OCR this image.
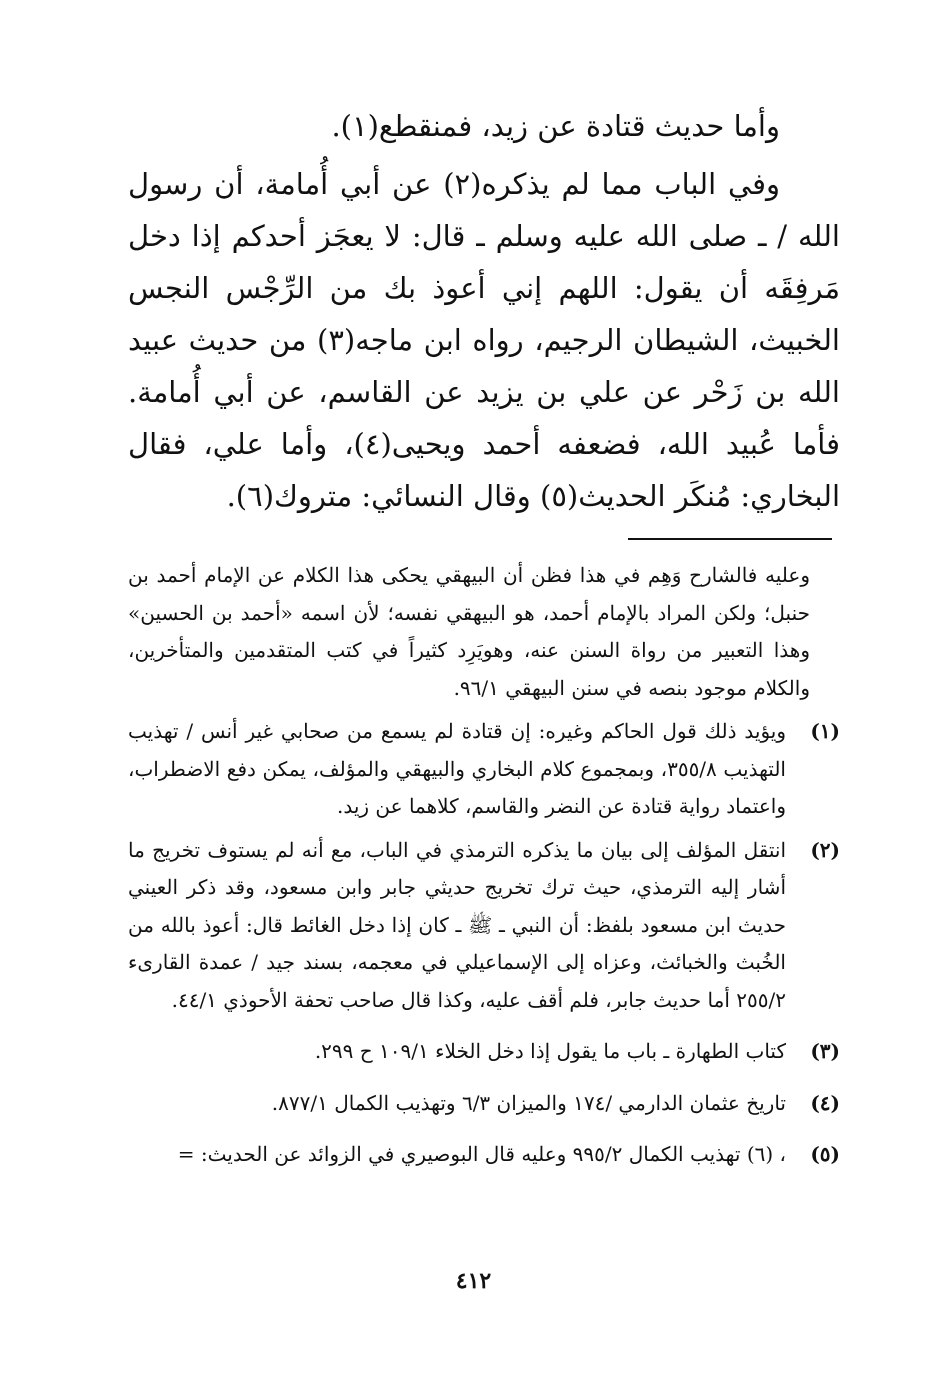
وأما حديث قتادة عن زيد، فمنقطع(١).

وفي الباب مما لم يذكره(٢) عن أبي أُمامة، أن رسول الله / ـ صلى الله عليه وسلم ـ قال: لا يعجَز أحدكم إذا دخل مَرفِقَه أن يقول: اللهم إني أعوذ بك من الرِّجْس النجس الخبيث، الشيطان الرجيم، رواه ابن ماجه(٣) من حديث عبيد الله بن زَحْر عن علي بن يزيد عن القاسم، عن أبي أُمامة. فأما عُبيد الله، فضعفه أحمد ويحيى(٤)، وأما علي، فقال البخاري: مُنكَر الحديث(٥) وقال النسائي: متروك(٦).

وعليه فالشارح وَهِم في هذا فظن أن البيهقي يحكى هذا الكلام عن الإمام أحمد بن حنبل؛ ولكن المراد بالإمام أحمد، هو البيهقي نفسه؛ لأن اسمه «أحمد بن الحسين» وهذا التعبير من رواة السنن عنه، وهويَرِد كثيراً في كتب المتقدمين والمتأخرين، والكلام موجود بنصه في سنن البيهقي ٩٦/١.

(١)

ويؤيد ذلك قول الحاكم وغيره: إن قتادة لم يسمع من صحابي غير أنس / تهذيب التهذيب ٣٥٥/٨، وبمجموع كلام البخاري والبيهقي والمؤلف، يمكن دفع الاضطراب، واعتماد رواية قتادة عن النضر والقاسم، كلاهما عن زيد.

(٢)

انتقل المؤلف إلى بيان ما يذكره الترمذي في الباب، مع أنه لم يستوف تخريج ما أشار إليه الترمذي، حيث ترك تخريج حديثي جابر وابن مسعود، وقد ذكر العيني حديث ابن مسعود بلفظ: أن النبي ـ ﷺ ـ كان إذا دخل الغائط قال: أعوذ بالله من الخُبث والخبائث، وعزاه إلى الإسماعيلي في معجمه، بسند جيد / عمدة القارىء ٢٥٥/٢ أما حديث جابر، فلم أقف عليه، وكذا قال صاحب تحفة الأحوذي ٤٤/١.

(٣)

كتاب الطهارة ـ باب ما يقول إذا دخل الخلاء ١٠٩/١ ح ٢٩٩.

(٤)

تاريخ عثمان الدارمي /١٧٤ والميزان ٦/٣ وتهذيب الكمال ٨٧٧/١.

(٥)

، (٦) تهذيب الكمال ٩٩٥/٢ وعليه قال البوصيري في الزوائد عن الحديث: =

٤١٢
